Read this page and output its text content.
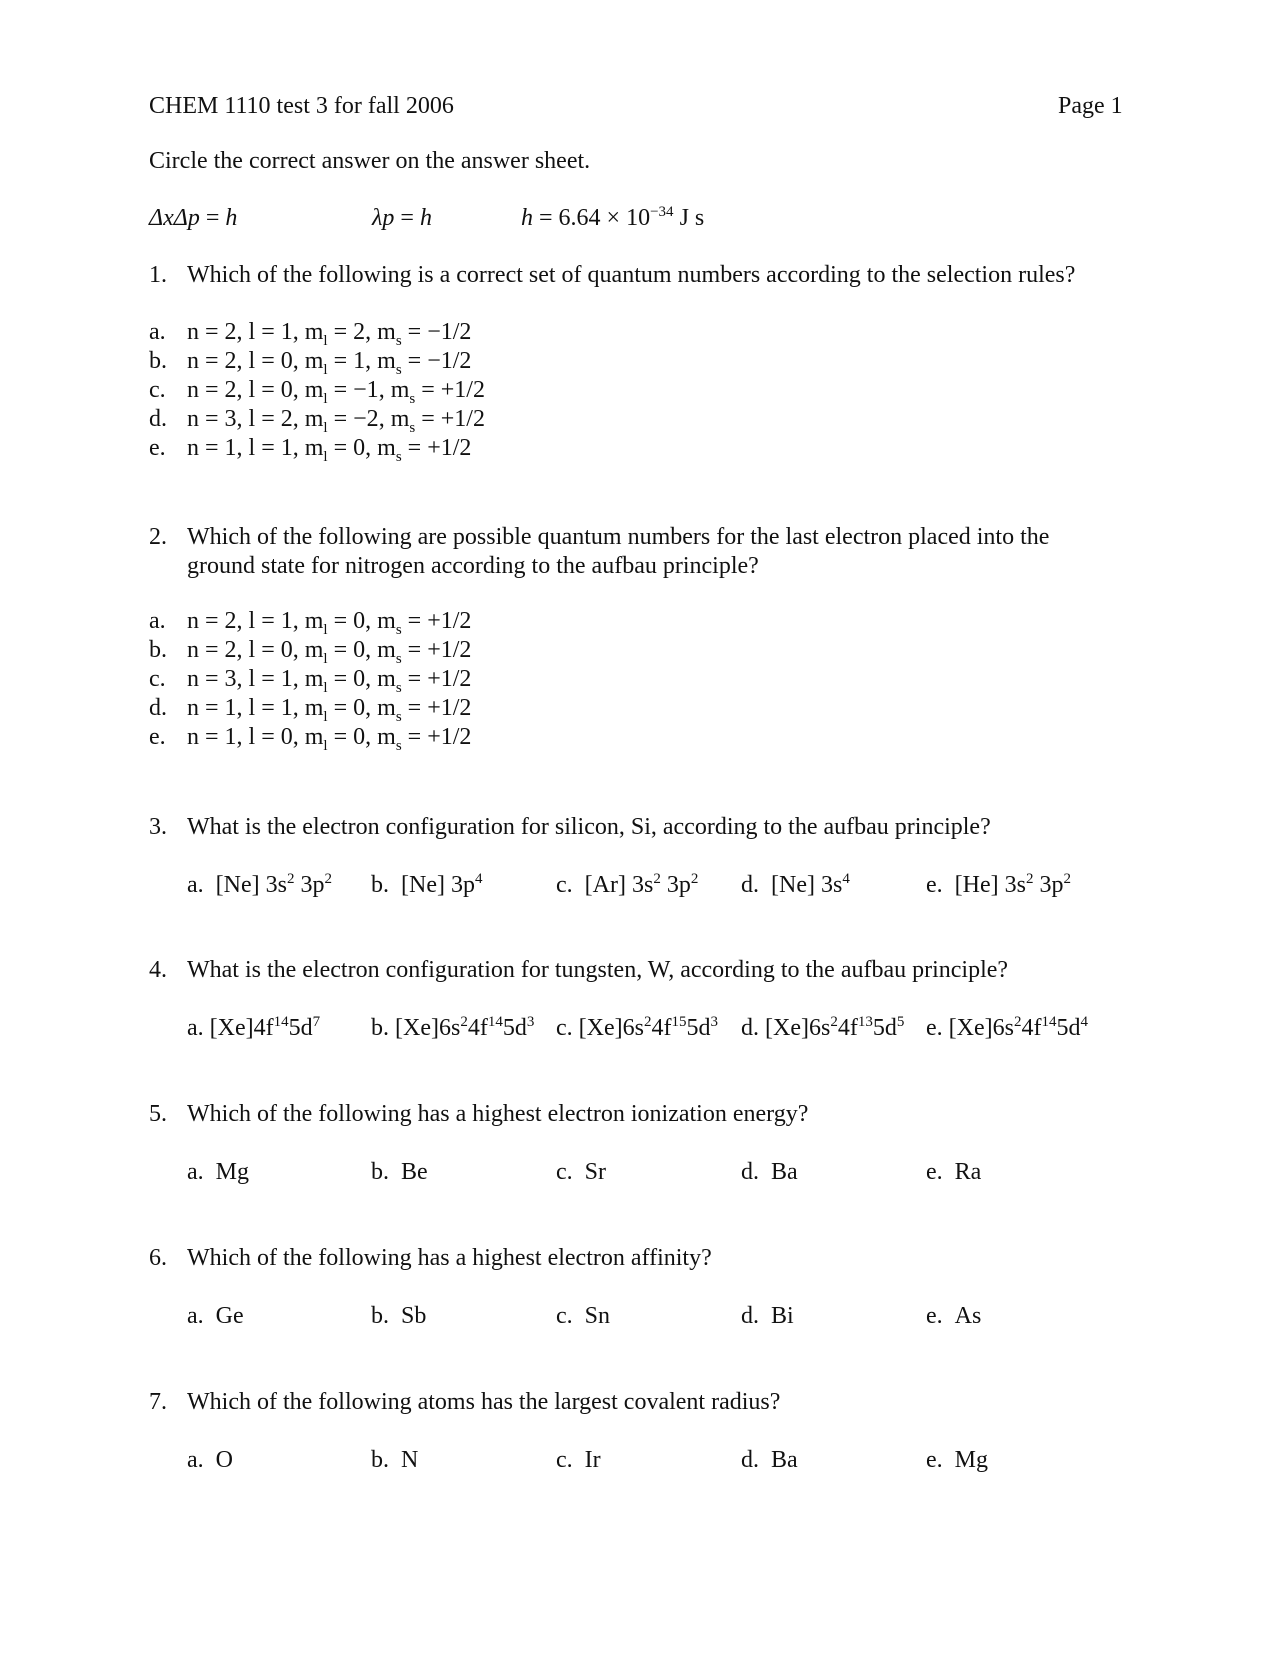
CHEM 1110 test 3 for fall 2006	Page 1
Circle the correct answer on the answer sheet.
ΔxΔp = h	λp = h	$h = 6.64 \times 10^{-34}$ J s
1. Which of the following is a correct set of quantum numbers according to the selection rules?
a. n = 2, l = 1, $m_l = 2$, $m_s = -1/2$
b. n = 2, l = 0, $m_l = 1$, $m_s = -1/2$
c. n = 2, l = 0, $m_l = -1$, $m_s = +1/2$
d. n = 3, l = 2, $m_l = -2$, $m_s = +1/2$
e. n = 1, l = 1, $m_l = 0$, $m_s = +1/2$
2. Which of the following are possible quantum numbers for the last electron placed into the
ground state for nitrogen according to the aufbau principle?
a. n = 2, l = 1, $m_l = 0$, $m_s = +1/2$
b. n = 2, l = 0, $m_l = 0$, $m_s = +1/2$
c. n = 3, l = 1, $m_l = 0$, $m_s = +1/2$
d. n = 1, l = 1, $m_l = 0$, $m_s = +1/2$
e. n = 1, l = 0, $m_l = 0$, $m_s = +1/2$
3. What is the electron configuration for silicon, Si, according to the aufbau principle?
a. [Ne] $3s^2$ $3p^2$ b. [Ne] $3p^4$	c. [Ar] $3s^2$ $3p^2$ d. [Ne] $3s^4$	e. [He] $3s^2$ $3p^2$
4. What is the electron configuration for tungsten, W, according to the aufbau principle?
a. $[Xe]4f^{14}5d^7$ b. $[Xe]6s^24f^{14}5d^3$ c. $[Xe]6s^24f^{15}5d^3$ d. $[Xe]6s^24f^{13}5d^5$ e. $[Xe]6s^24f^{14}5d^4$
5. Which of the following has a highest electron ionization energy?
a. Mg	b. Be	c. Sr	d. Ba	e. Ra
6. Which of the following has a highest electron affinity?
a. Ge	b. Sb	c. Sn	d. Bi	e. As
7. Which of the following atoms has the largest covalent radius?
a. O	b. N	c. Ir	d. Ba	e. Mg
